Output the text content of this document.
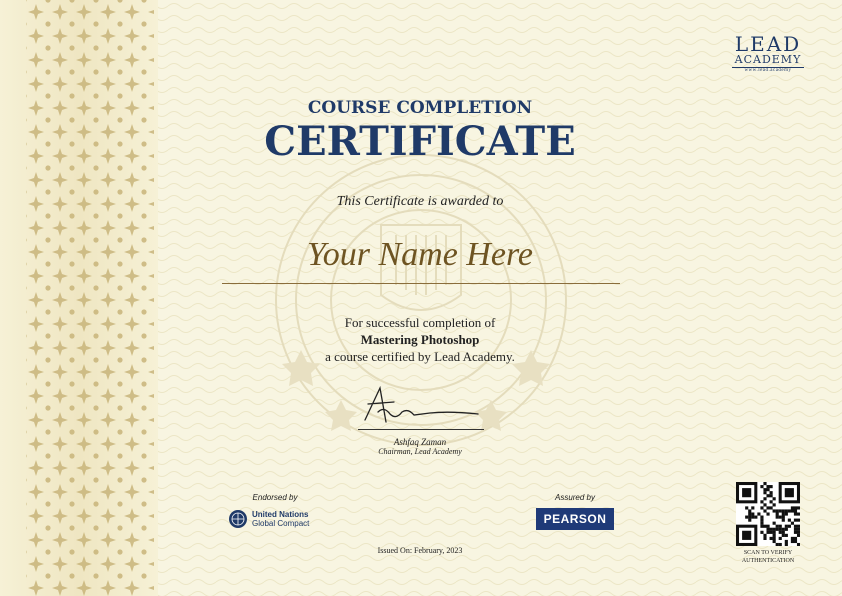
LEAD
ACADEMY
www.lead.academy
COURSE COMPLETION
CERTIFICATE
This Certificate is awarded to
Your Name Here
For successful completion of
Mastering Photoshop
a course certified by Lead Academy.
Ashfaq Zaman
Chairman, Lead Academy
Endorsed by
United Nations
Global Compact
Assured by
PEARSON
Issued On: February, 2023	SCAN TO VERIFY
AUTHENTICATION
